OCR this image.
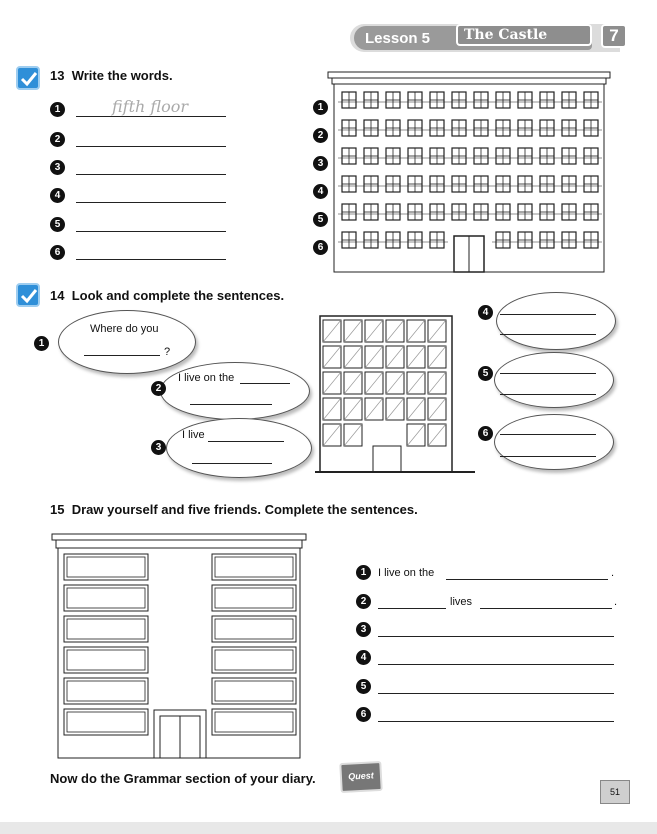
Lesson 5 The Castle	7
13 Write the words.
1
2
3
4
5
6
fifth floor	1
2
3
4
5
6
14 Look and complete the sentences.
1
Where do you
?
2
I live on the
3
I live
4
5
6
15 Draw yourself and five friends. Complete the sentences.
1
2
3
4
5
6
I live on the	.
lives	.
Now do the Grammar section of your diary.	Quest
51
